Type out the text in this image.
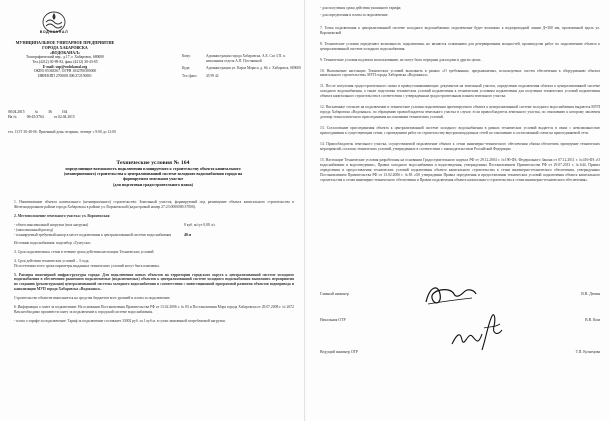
ВОДОКАНАЛ
МУНИЦИПАЛЬНОЕ УНИТАРНОЕ ПРЕДПРИЯТИЕ
ГОРОДА ХАБАРОВСКА
«ВОДОКАНАЛ»
Топографический пер., д.17, г. Хабаровск, 680000
Тел.(4212) 30-89-82, факс (4212) 30-43-05
E-mail: sup@vodokanal.org
ОКПО 05363567, ОГРН 1032700305000
ИНН/КПП 2700001300/272150001
Кому:	Администрация города Хабаровска, А.Е. Сaз 3 П. п. начальника отдела А.П. Поставиной
Куда:	Администрации ул. Карла Маркса, д. 66, г. Хабаровск, 680000
Тел./факс:	45 99 42
08.04.2015	№	36	164
На №	06-45/3764	от 02.04.2015
тел. СОТ 30-48-06. Приемный день: вторник, четверг с 9:00 до 12:00
Технические условия № 164
определяющие возможность подключения планируемого к строительству объекта капитального
(незавершенного) строительства к централизованной системе холодного водоснабжения города на
формируемом земельном участке
(для подготовки градостроительного плана)
1. Наименование объекта капитального (незавершенного) строительства: Земельный участок, формируемый под размещение объекта капитального строительства в Железнодорожном районе города Хабаровска в районе ул. Воронежской (кадастровый номер 27:23:0000000:37000).
2. Местоположение земельного участка: ул. Воронежская
- объем максимальной нагрузки (max нагрузка)	8 куб. м/сут 0,08 л/с
- (максимальный расход)
- планируемый требуемый напор в месте подключения к централизованной системе водоснабжения	40 м
Источник водоснабжения: водозабор «Тунгуска»
3. Срок подключения к сетям в течение срока действия настоящих Технических условий
4. Срок действия технических условий – 3 года.
По истечении этого срока параметры выданных технических условий могут быть изменены.
5. Размеры инженерной инфраструктуры города: Для подключения новых объектов на территории городского округа к централизованной системе холодного водоснабжения в обеспечении рыночного подключаемых (подключаемых) объектов к централизованной системе холодного водоснабжения выполнить мероприятия по созданию (реконструкции) централизованной системы холодного водоснабжения в соответствии с инвестиционной программой развития объектов водопровода и канализации МУП города Хабаровска «Водоканал».
Строительство объектов выполняется на средства бюджетов всех уровней и платы за подключение.
6. Информация о плате за подключение: На основании Постановления Правительства РФ от 13.02.2006 г. № 83 и Постановления Мэра города Хабаровска от 29.07.2008 г. № 2672 Вам необходимо произвести плату за подключение к городской системе водоснабжения.
- плата о тарифе за подключение: Тариф за подключение составляет 33002 руб. за 1 куб.м. в сутки заявленной потребляемой нагрузки.
- для получения срока действия указанного тарифа;
- для определения и платы за подключение.
7. Точка подключения к централизованной системе холодного водоснабжения: подключение будет возможно к водопроводной линии Д=300 мм, проложенной вдоль ул. Воронежской
8. Технические условия определяют возможность подключения, но являются основанием для резервирования мощностей, производства работ по подключению объекта к централизованной системе холодного водоснабжения.
9. Технические условия подлежат использованию, не могут быть переданы для подачи в других целях.
10. Выполнение настоящих Технических условий выполнить в рамках «О требованиях, предъявляемых, используемых систем обеспечения к оборудованию объекта капитального строительства» МУП города Хабаровска «Водоканал».
11. После получения градостроительного плана и правоустанавливающих документов на земельный участок, определение подключения объекта к централизованной системе холодного водоснабжения, а также подготовка технических условий подключения к техническим условиям подключения для получения технических условий подключения объекта капитального строительства в соответствии с утвержденным градостроительным планом земельного участка.
12. Письменное согласие на подключение и технические условия подключения проектируемого объекта к централизованной системе холодного водоснабжения выдаются МУП города Хабаровска «Водоканал» по обращению правообладателя земельного участка в случае, если правообладатель земельного участка, по отношению к которому заключен договор технологического присоединения на основании технических условий.
13. Согласование присоединения объекта к централизованной системе холодного водоснабжения в рамках технических условий выдается в связи с невозможностью присоединения к существующим сетям, с проведением работ по строительству внутриплощадочных сетей по отношению к согласованной схеме на присоединяемой сети.
14. Правообладатель земельного участка, осуществляемой подключение объекта к сетям инженерно-технического обеспечения обязан обеспечить проведение технических мероприятий, согласно технических условий, утвержденных в соответствии с законодательством Российской Федерации.
15. Настоящие Технические условия разработаны на основании Градостроительного кодекса РФ от 29.12.2004 г. №190-ФЗ, Федерального Закона от 07.12.2011 г. №416-ФЗ «О водоснабжении и водоотведении», Правил холодного водоснабжения и водоотведения, утвержденных Постановлением Правительства РФ от 29.07.2013 г. №644, Правил определения и предоставления технических условий подключения объекта капитального строительства к сетям инженерно-технического обеспечения, утвержденных Постановлением Правительства РФ от 13.02.2006 г. №83 «Об утверждении Правил определения и предоставления технических условий подключения объекта капитального строительства к сетям инженерно-технического обеспечения и Правил подключения объекта капитального строительства к сетям инженерно-технического обеспечения».
Главный инженер	В.В. Демин
Начальник ОТР	В.В. Ким
Ведущий инженер ОТР	Т.П. Кузнецова
